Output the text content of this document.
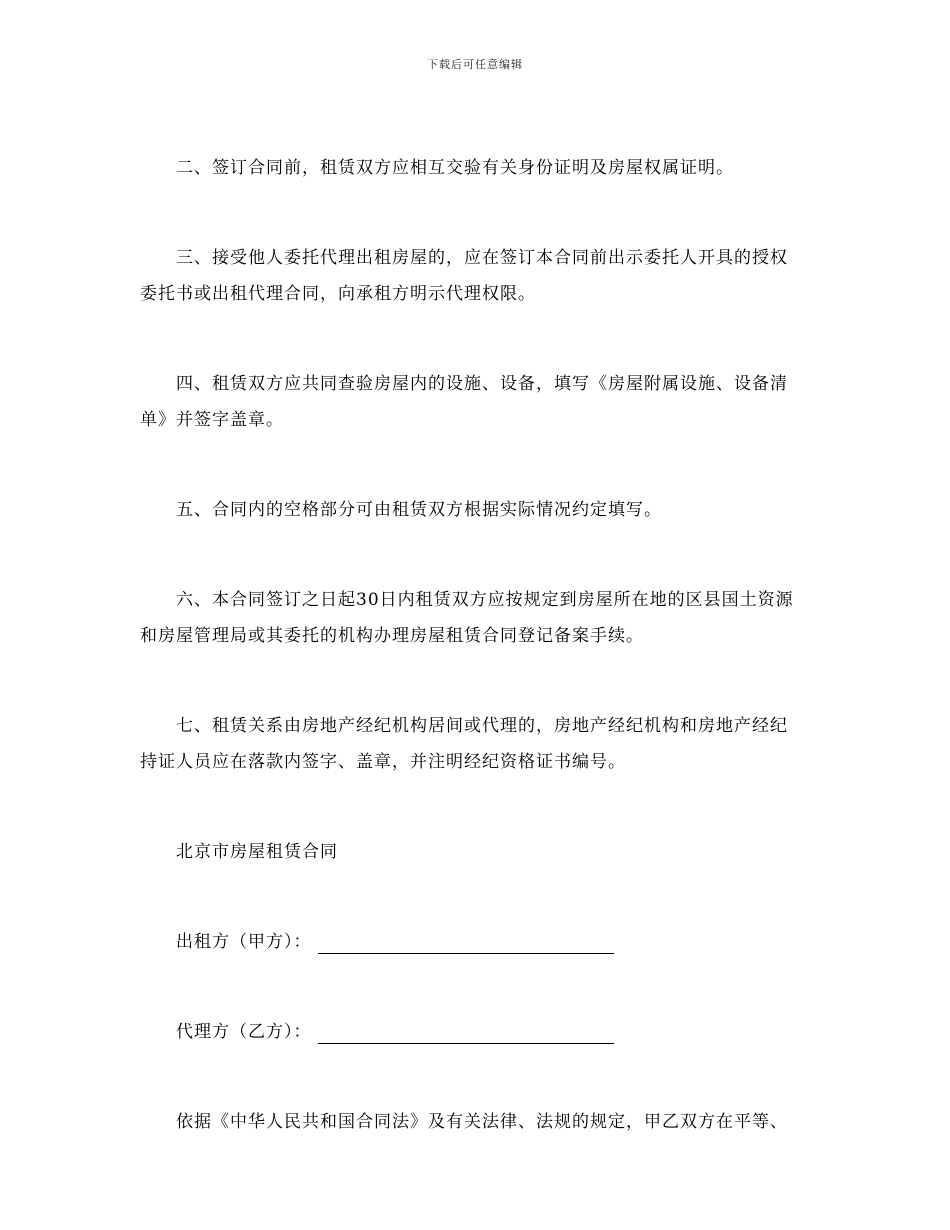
下载后可任意编辑

二、签订合同前，租赁双方应相互交验有关身份证明及房屋权属证明。

三、接受他人委托代理出租房屋的，应在签订本合同前出示委托人开具的授权

委托书或出租代理合同，向承租方明示代理权限。

四、租赁双方应共同查验房屋内的设施、设备，填写《房屋附属设施、设备清

单》并签字盖章。

五、合同内的空格部分可由租赁双方根据实际情况约定填写。

六、本合同签订之日起30日内租赁双方应按规定到房屋所在地的区县国土资源

和房屋管理局或其委托的机构办理房屋租赁合同登记备案手续。

七、租赁关系由房地产经纪机构居间或代理的，房地产经纪机构和房地产经纪

持证人员应在落款内签字、盖章，并注明经纪资格证书编号。

北京市房屋租赁合同

出租方（甲方）：
代理方（乙方）：

依据《中华人民共和国合同法》及有关法律、法规的规定，甲乙双方在平等、
